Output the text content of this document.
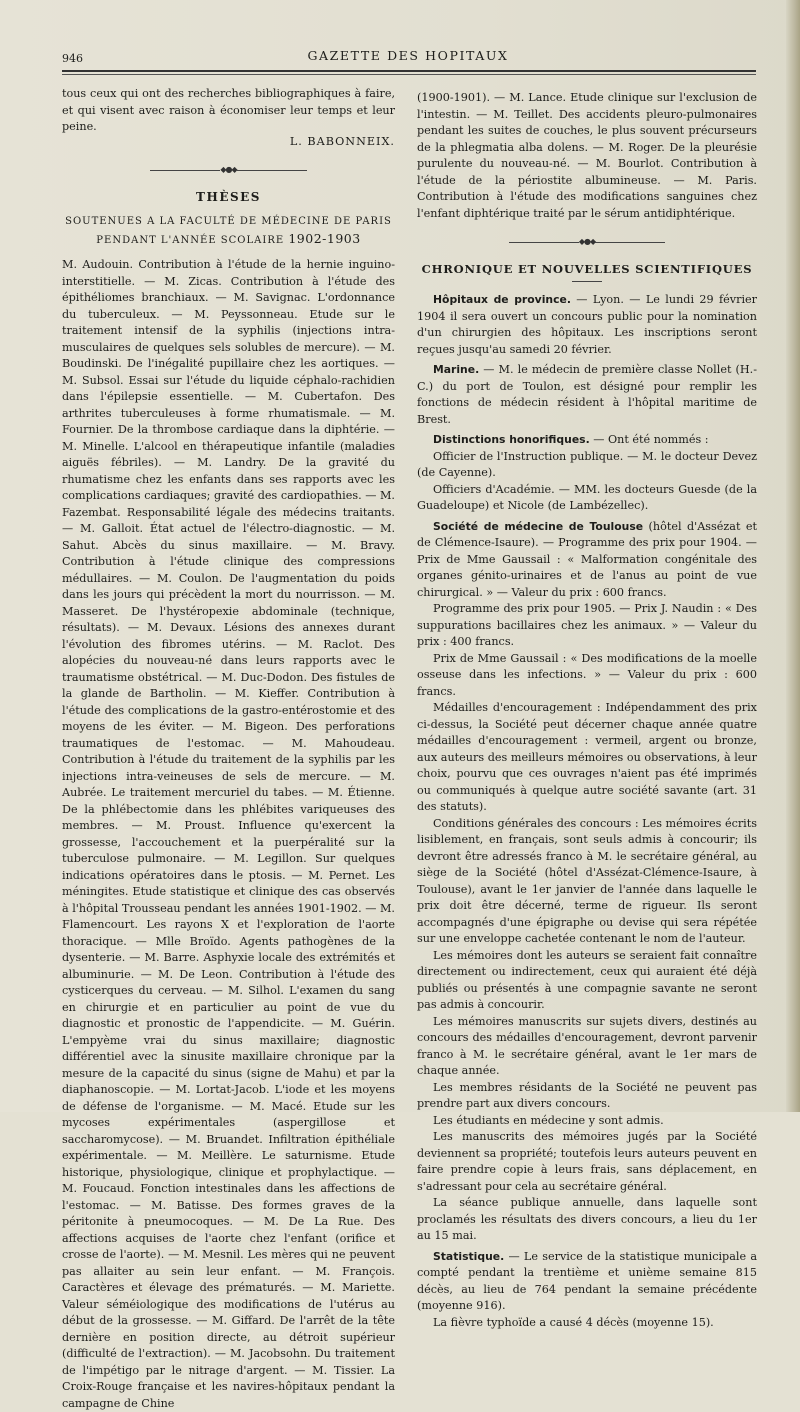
946	GAZETTE DES HOPITAUX

tous ceux qui ont des recherches bibliographiques à faire, et qui visent avec raison à économiser leur temps et leur peine.

L. BABONNEIX.
◆●◆
THÈSES
SOUTENUES A LA FACULTÉ DE MÉDECINE DE PARIS
PENDANT L'ANNÉE SCOLAIRE 1902-1903

M. Audouin. Contribution à l'étude de la hernie inguino-interstitielle. — M. Zicas. Contribution à l'étude des épithéliomes branchiaux. — M. Savignac. L'ordonnance du tuberculeux. — M. Peyssonneau. Etude sur le traitement intensif de la syphilis (injections intra-musculaires de quelques sels solubles de mercure). — M. Boudinski. De l'inégalité pupillaire chez les aortiques. — M. Subsol. Essai sur l'étude du liquide céphalo-rachidien dans l'épilepsie essentielle. — M. Cubertafon. Des arthrites tuberculeuses à forme rhumatismale. — M. Fournier. De la thrombose cardiaque dans la diphtérie. — M. Minelle. L'alcool en thérapeutique infantile (maladies aiguës fébriles). — M. Landry. De la gravité du rhumatisme chez les enfants dans ses rapports avec les complications cardiaques; gravité des cardiopathies. — M. Fazembat. Responsabilité légale des médecins traitants. — M. Galloit. État actuel de l'électro-diagnostic. — M. Sahut. Abcès du sinus maxillaire. — M. Bravy. Contribution à l'étude clinique des compressions médullaires. — M. Coulon. De l'augmentation du poids dans les jours qui précèdent la mort du nourrisson. — M. Masseret. De l'hystéropexie abdominale (technique, résultats). — M. Devaux. Lésions des annexes durant l'évolution des fibromes utérins. — M. Raclot. Des alopécies du nouveau-né dans leurs rapports avec le traumatisme obstétrical. — M. Duc-Dodon. Des fistules de la glande de Bartholin. — M. Kieffer. Contribution à l'étude des complications de la gastro-entérostomie et des moyens de les éviter. — M. Bigeon. Des perforations traumatiques de l'estomac. — M. Mahoudeau. Contribution à l'étude du traitement de la syphilis par les injections intra-veineuses de sels de mercure. — M. Aubrée. Le traitement mercuriel du tabes. — M. Étienne. De la phlébectomie dans les phlébites variqueuses des membres. — M. Proust. Influence qu'exercent la grossesse, l'accouchement et la puerpéralité sur la tuberculose pulmonaire. — M. Legillon. Sur quelques indications opératoires dans le ptosis. — M. Pernet. Les méningites. Etude statistique et clinique des cas observés à l'hôpital Trousseau pendant les années 1901-1902. — M. Flamencourt. Les rayons X et l'exploration de l'aorte thoracique. — Mlle Broïdo. Agents pathogènes de la dysenterie. — M. Barre. Asphyxie locale des extrémités et albuminurie. — M. De Leon. Contribution à l'étude des cysticerques du cerveau. — M. Silhol. L'examen du sang en chirurgie et en particulier au point de vue du diagnostic et pronostic de l'appendicite. — M. Guérin. L'empyème vrai du sinus maxillaire; diagnostic différentiel avec la sinusite maxillaire chronique par la mesure de la capacité du sinus (signe de Mahu) et par la diaphanoscopie. — M. Lortat-Jacob. L'iode et les moyens de défense de l'organisme. — M. Macé. Etude sur les mycoses expérimentales (aspergillose et saccharomycose). — M. Bruandet. Infiltration épithéliale expérimentale. — M. Meillère. Le saturnisme. Etude historique, physiologique, clinique et prophylactique. — M. Foucaud. Fonction intestinales dans les affections de l'estomac. — M. Batisse. Des formes graves de la péritonite à pneumocoques. — M. De La Rue. Des affections acquises de l'aorte chez l'enfant (orifice et crosse de l'aorte). — M. Mesnil. Les mères qui ne peuvent pas allaiter au sein leur enfant. — M. François. Caractères et élevage des prématurés. — M. Mariette. Valeur séméiologique des modifications de l'utérus au début de la grossesse. — M. Giffard. De l'arrêt de la tête dernière en position directe, au détroit supérieur (difficulté de l'extraction). — M. Jacobsohn. Du traitement de l'impétigo par le nitrage d'argent. — M. Tissier. La Croix-Rouge française et les navires-hôpitaux pendant la campagne de Chine

(1900-1901). — M. Lance. Etude clinique sur l'exclusion de l'intestin. — M. Teillet. Des accidents pleuro-pulmonaires pendant les suites de couches, le plus souvent précurseurs de la phlegmatia alba dolens. — M. Roger. De la pleurésie purulente du nouveau-né. — M. Bourlot. Contribution à l'étude de la périostite albumineuse. — M. Paris. Contribution à l'étude des modifications sanguines chez l'enfant diphtérique traité par le sérum antidiphtérique.

◆●◆
CHRONIQUE ET NOUVELLES SCIENTIFIQUES

Hôpitaux de province. — Lyon. — Le lundi 29 février 1904 il sera ouvert un concours public pour la nomination d'un chirurgien des hôpitaux. Les inscriptions seront reçues jusqu'au samedi 20 février.

Marine. — M. le médecin de première classe Nollet (H.-C.) du port de Toulon, est désigné pour remplir les fonctions de médecin résident à l'hôpital maritime de Brest.

Distinctions honorifiques. — Ont été nommés :

Officier de l'Instruction publique. — M. le docteur Devez (de Cayenne).

Officiers d'Académie. — MM. les docteurs Guesde (de la Guadeloupe) et Nicole (de Lambézellec).

Société de médecine de Toulouse (hôtel d'Assézat et de Clémence-Isaure). — Programme des prix pour 1904. — Prix de Mme Gaussail : « Malformation congénitale des organes génito-urinaires et de l'anus au point de vue chirurgical. » — Valeur du prix : 600 francs.

Programme des prix pour 1905. — Prix J. Naudin : « Des suppurations bacillaires chez les animaux. » — Valeur du prix : 400 francs.

Prix de Mme Gaussail : « Des modifications de la moelle osseuse dans les infections. » — Valeur du prix : 600 francs.

Médailles d'encouragement : Indépendamment des prix ci-dessus, la Société peut décerner chaque année quatre médailles d'encouragement : vermeil, argent ou bronze, aux auteurs des meilleurs mémoires ou observations, à leur choix, pourvu que ces ouvrages n'aient pas été imprimés ou communiqués à quelque autre société savante (art. 31 des statuts).

Conditions générales des concours : Les mémoires écrits lisiblement, en français, sont seuls admis à concourir; ils devront être adressés franco à M. le secrétaire général, au siège de la Société (hôtel d'Assézat-Clémence-Isaure, à Toulouse), avant le 1er janvier de l'année dans laquelle le prix doit être décerné, terme de rigueur. Ils seront accompagnés d'une épigraphe ou devise qui sera répétée sur une enveloppe cachetée contenant le nom de l'auteur.

Les mémoires dont les auteurs se seraient fait connaître directement ou indirectement, ceux qui auraient été déjà publiés ou présentés à une compagnie savante ne seront pas admis à concourir.

Les mémoires manuscrits sur sujets divers, destinés au concours des médailles d'encouragement, devront parvenir franco à M. le secrétaire général, avant le 1er mars de chaque année.

Les membres résidants de la Société ne peuvent pas prendre part aux divers concours.

Les étudiants en médecine y sont admis.

Les manuscrits des mémoires jugés par la Société deviennent sa propriété; toutefois leurs auteurs peuvent en faire prendre copie à leurs frais, sans déplacement, en s'adressant pour cela au secrétaire général.

La séance publique annuelle, dans laquelle sont proclamés les résultats des divers concours, a lieu du 1er au 15 mai.

Statistique. — Le service de la statistique municipale a compté pendant la trentième et unième semaine 815 décès, au lieu de 764 pendant la semaine précédente (moyenne 916).

La fièvre typhoïde a causé 4 décès (moyenne 15).
